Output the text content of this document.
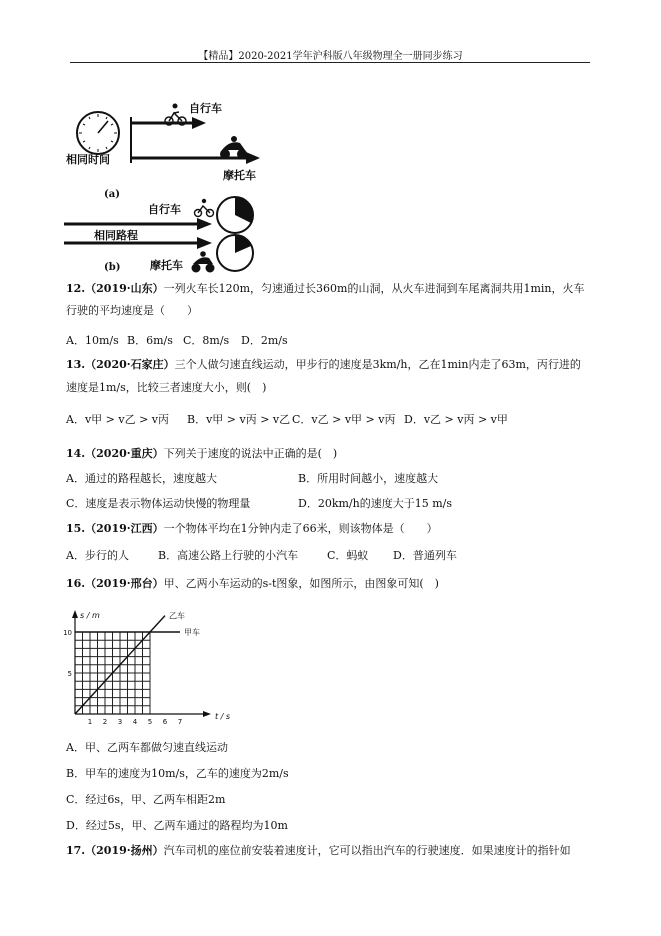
【精品】2020-2021学年沪科版八年级物理全一册同步练习
自行车
摩托车
相同时间
(a)
自行车
相同路程
摩托车
(b)
12.（2019·山东）一列火车长120m，匀速通过长360m的山洞，从火车进洞到车尾离洞共用1min，火车
行驶的平均速度是（　　）
A．10m/s B．6m/s C．8m/s D．2m/s
13.（2020·石家庄）三个人做匀速直线运动，甲步行的速度是3km/h，乙在1min内走了63m，丙行进的
速度是1m/s，比较三者速度大小，则(　)
A．v甲 > v乙 > v丙 B．v甲 > v丙 > v乙 C．v乙 > v甲 > v丙 D．v乙 > v丙 > v甲
14.（2020·重庆）下列关于速度的说法中正确的是(　)
A．通过的路程越长，速度越大	B．所用时间越小，速度越大
C．速度是表示物体运动快慢的物理量	D．20km/h的速度大于15 m/s
15.（2019·江西）一个物体平均在1分钟内走了66米，则该物体是（　　）
A．步行的人	B．高速公路上行驶的小汽车	C．蚂蚁 D．普通列车
16.（2019·邢台）甲、乙两小车运动的s-t图象，如图所示，由图象可知(　)
1 2 3 4 5 6 7
5
10
t / s
s / m	乙车
甲车
A．甲、乙两车都做匀速直线运动
B．甲车的速度为10m/s，乙车的速度为2m/s
C．经过6s，甲、乙两车相距2m
D．经过5s，甲、乙两车通过的路程均为10m
17.（2019·扬州）汽车司机的座位前安装着速度计，它可以指出汽车的行驶速度．如果速度计的指针如
